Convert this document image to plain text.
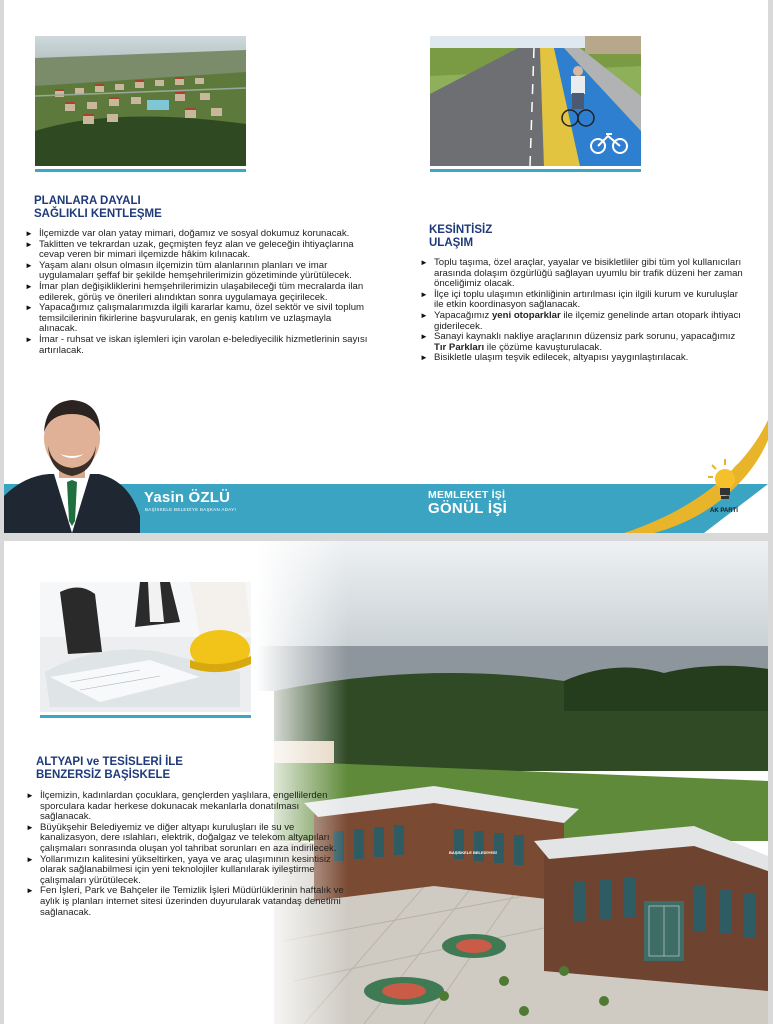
PLANLARA DAYALI
SAĞLIKLI KENTLEŞME
► İlçemizde var olan yatay mimari, doğamız ve sosyal dokumuz korunacak.
► Taklitten ve tekrardan uzak, geçmişten feyz alan ve geleceğin ihtiyaçlarına cevap veren bir mimari ilçemizde hâkim kılınacak.
► Yaşam alanı olsun olmasın ilçemizin tüm alanlarının planları ve imar uygulamaları şeffaf bir şekilde hemşehrilerimizin gözetiminde yürütülecek.
► İmar plan değişikliklerini hemşehrilerimizin ulaşabileceği tüm mecralarda ilan edilerek, görüş ve önerileri alındıktan sonra uygulamaya geçirilecek.
► Yapacağımız çalışmalarımızda ilgili kararlar kamu, özel sektör ve sivil toplum temsilcilerinin fikirlerine başvurularak, en geniş katılım ve uzlaşmayla alınacak.
► İmar - ruhsat ve iskan işlemleri için varolan e-belediyecilik hizmetlerinin sayısı artırılacak.
KESİNTİSİZ
ULAŞIM
► Toplu taşıma, özel araçlar, yayalar ve bisikletliler gibi tüm yol kullanıcıları arasında dolaşım özgürlüğü sağlayan uyumlu bir trafik düzeni her zaman önceliğimiz olacak.
► İlçe içi toplu ulaşımın etkinliğinin artırılması için ilgili kurum ve kuruluşlar ile etkin koordinasyon sağlanacak.
► Yapacağımız yeni otoparklar ile ilçemiz genelinde artan otopark ihtiyacı giderilecek.
► Sanayi kaynaklı nakliye araçlarının düzensiz park sorunu, yapacağımız Tır Parkları ile çözüme kavuşturulacak.
► Bisikletle ulaşım teşvik edilecek, altyapısı yaygınlaştırılacak.
Yasin ÖZLÜ
BAŞİSKELE BELEDİYE BAŞKAN ADAYI
MEMLEKET İŞİ
GÖNÜL İŞİ	AK PARTİ
ALTYAPI ve TESİSLERİ İLE
BENZERSİZ BAŞİSKELE
► İlçemizin, kadınlardan çocuklara, gençlerden yaşlılara, engellilerden sporculara kadar herkese dokunacak mekanlarla donatılması sağlanacak.
► Büyükşehir Belediyemiz ve diğer altyapı kuruluşları ile su ve kanalizasyon, dere ıslahları, elektrik, doğalgaz ve telekom altyapıları çalışmaları sonrasında oluşan yol tahribat sorunları en aza indirilecek.
► Yollarımızın kalitesini yükseltirken, yaya ve araç ulaşımının kesintisiz olarak sağlanabilmesi için yeni teknolojiler kullanılarak iyileştirme çalışmaları yürütülecek.
► Fen İşleri, Park ve Bahçeler ile Temizlik İşleri Müdürlüklerinin haftalık ve aylık iş planları internet sitesi üzerinden duyurularak vatandaş denetimi sağlanacak.
BAŞİSKELE BELEDİYESİ
